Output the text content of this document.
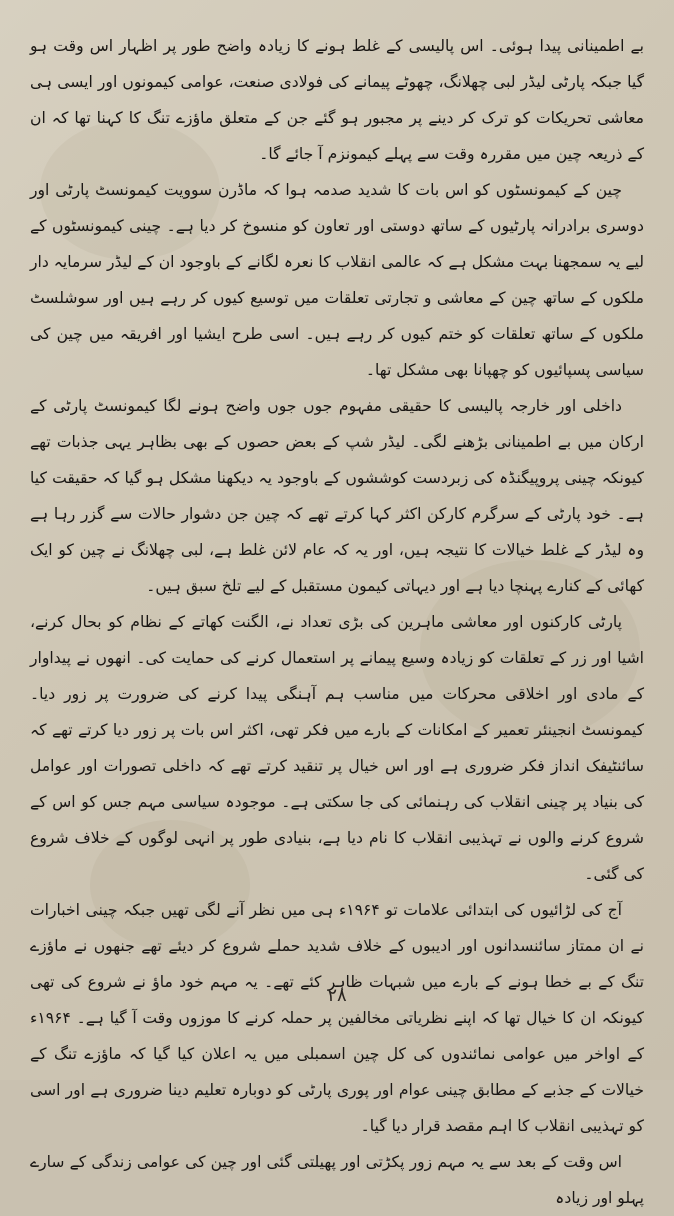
بے اطمینانی پیدا ہوئی۔ اس پالیسی کے غلط ہونے کا زیادہ واضح طور پر اظہار اس وقت ہو گیا جبکہ پارٹی لیڈر لبی چھلانگ، چھوٹے پیمانے کی فولادی صنعت، عوامی کیمونوں اور ایسی ہی معاشی تحریکات کو ترک کر دینے پر مجبور ہو گئے جن کے متعلق ماؤزے تنگ کا کہنا تھا کہ ان کے ذریعہ چین میں مقررہ وقت سے پہلے کیمونزم آ جائے گا۔

چین کے کیمونسٹوں کو اس بات کا شدید صدمہ ہوا کہ ماڈرن سوویت کیمونسٹ پارٹی اور دوسری برادرانہ پارٹیوں کے ساتھ دوستی اور تعاون کو منسوخ کر دیا ہے۔ چینی کیمونسٹوں کے لیے یہ سمجھنا بہت مشکل ہے کہ عالمی انقلاب کا نعرہ لگانے کے باوجود ان کے لیڈر سرمایہ دار ملکوں کے ساتھ چین کے معاشی و تجارتی تعلقات میں توسیع کیوں کر رہے ہیں اور سوشلسٹ ملکوں کے ساتھ تعلقات کو ختم کیوں کر رہے ہیں۔ اسی طرح ایشیا اور افریقہ میں چین کی سیاسی پسپائیوں کو چھپانا بھی مشکل تھا۔

داخلی اور خارجہ پالیسی کا حقیقی مفہوم جوں جوں واضح ہونے لگا کیمونسٹ پارٹی کے ارکان میں بے اطمینانی بڑھنے لگی۔ لیڈر شپ کے بعض حصوں کے بھی بظاہر یہی جذبات تھے کیونکہ چینی پروپیگنڈہ کی زبردست کوششوں کے باوجود یہ دیکھنا مشکل ہو گیا کہ حقیقت کیا ہے۔ خود پارٹی کے سرگرم کارکن اکثر کہا کرتے تھے کہ چین جن دشوار حالات سے گزر رہا ہے وہ لیڈر کے غلط خیالات کا نتیجہ ہیں، اور یہ کہ عام لائن غلط ہے، لبی چھلانگ نے چین کو ایک کھائی کے کنارے پہنچا دیا ہے اور دیہاتی کیمون مستقبل کے لیے تلخ سبق ہیں۔

پارٹی کارکنوں اور معاشی ماہرین کی بڑی تعداد نے، الگنت کھاتے کے نظام کو بحال کرنے، اشیا اور زر کے تعلقات کو زیادہ وسیع پیمانے پر استعمال کرنے کی حمایت کی۔ انھوں نے پیداوار کے مادی اور اخلاقی محرکات میں مناسب ہم آہنگی پیدا کرنے کی ضرورت پر زور دیا۔ کیمونسٹ انجینئر تعمیر کے امکانات کے بارے میں فکر تھی، اکثر اس بات پر زور دیا کرتے تھے کہ سائنٹیفک انداز فکر ضروری ہے اور اس خیال پر تنقید کرتے تھے کہ داخلی تصورات اور عوامل کی بنیاد پر چینی انقلاب کی رہنمائی کی جا سکتی ہے۔ موجودہ سیاسی مہم جس کو اس کے شروع کرنے والوں نے تہذیبی انقلاب کا نام دیا ہے، بنیادی طور پر انہی لوگوں کے خلاف شروع کی گئی۔

آج کی لڑائیوں کی ابتدائی علامات تو ۱۹۶۴ء ہی میں نظر آنے لگی تھیں جبکہ چینی اخبارات نے ان ممتاز سائنسدانوں اور ادیبوں کے خلاف شدید حملے شروع کر دیئے تھے جنھوں نے ماؤزے تنگ کے بے خطا ہونے کے بارے میں شبہات ظاہر کئے تھے۔ یہ مہم خود ماؤ نے شروع کی تھی کیونکہ ان کا خیال تھا کہ اپنے نظریاتی مخالفین پر حملہ کرنے کا موزوں وقت آ گیا ہے۔ ۱۹۶۴ء کے اواخر میں عوامی نمائندوں کی کل چین اسمبلی میں یہ اعلان کیا گیا کہ ماؤزے تنگ کے خیالات کے جذبے کے مطابق چینی عوام اور پوری پارٹی کو دوبارہ تعلیم دینا ضروری ہے اور اسی کو تہذیبی انقلاب کا اہم مقصد قرار دیا گیا۔

اس وقت کے بعد سے یہ مہم زور پکڑتی اور پھیلتی گئی اور چین کی عوامی زندگی کے سارے پہلو اور زیادہ

۲۸
